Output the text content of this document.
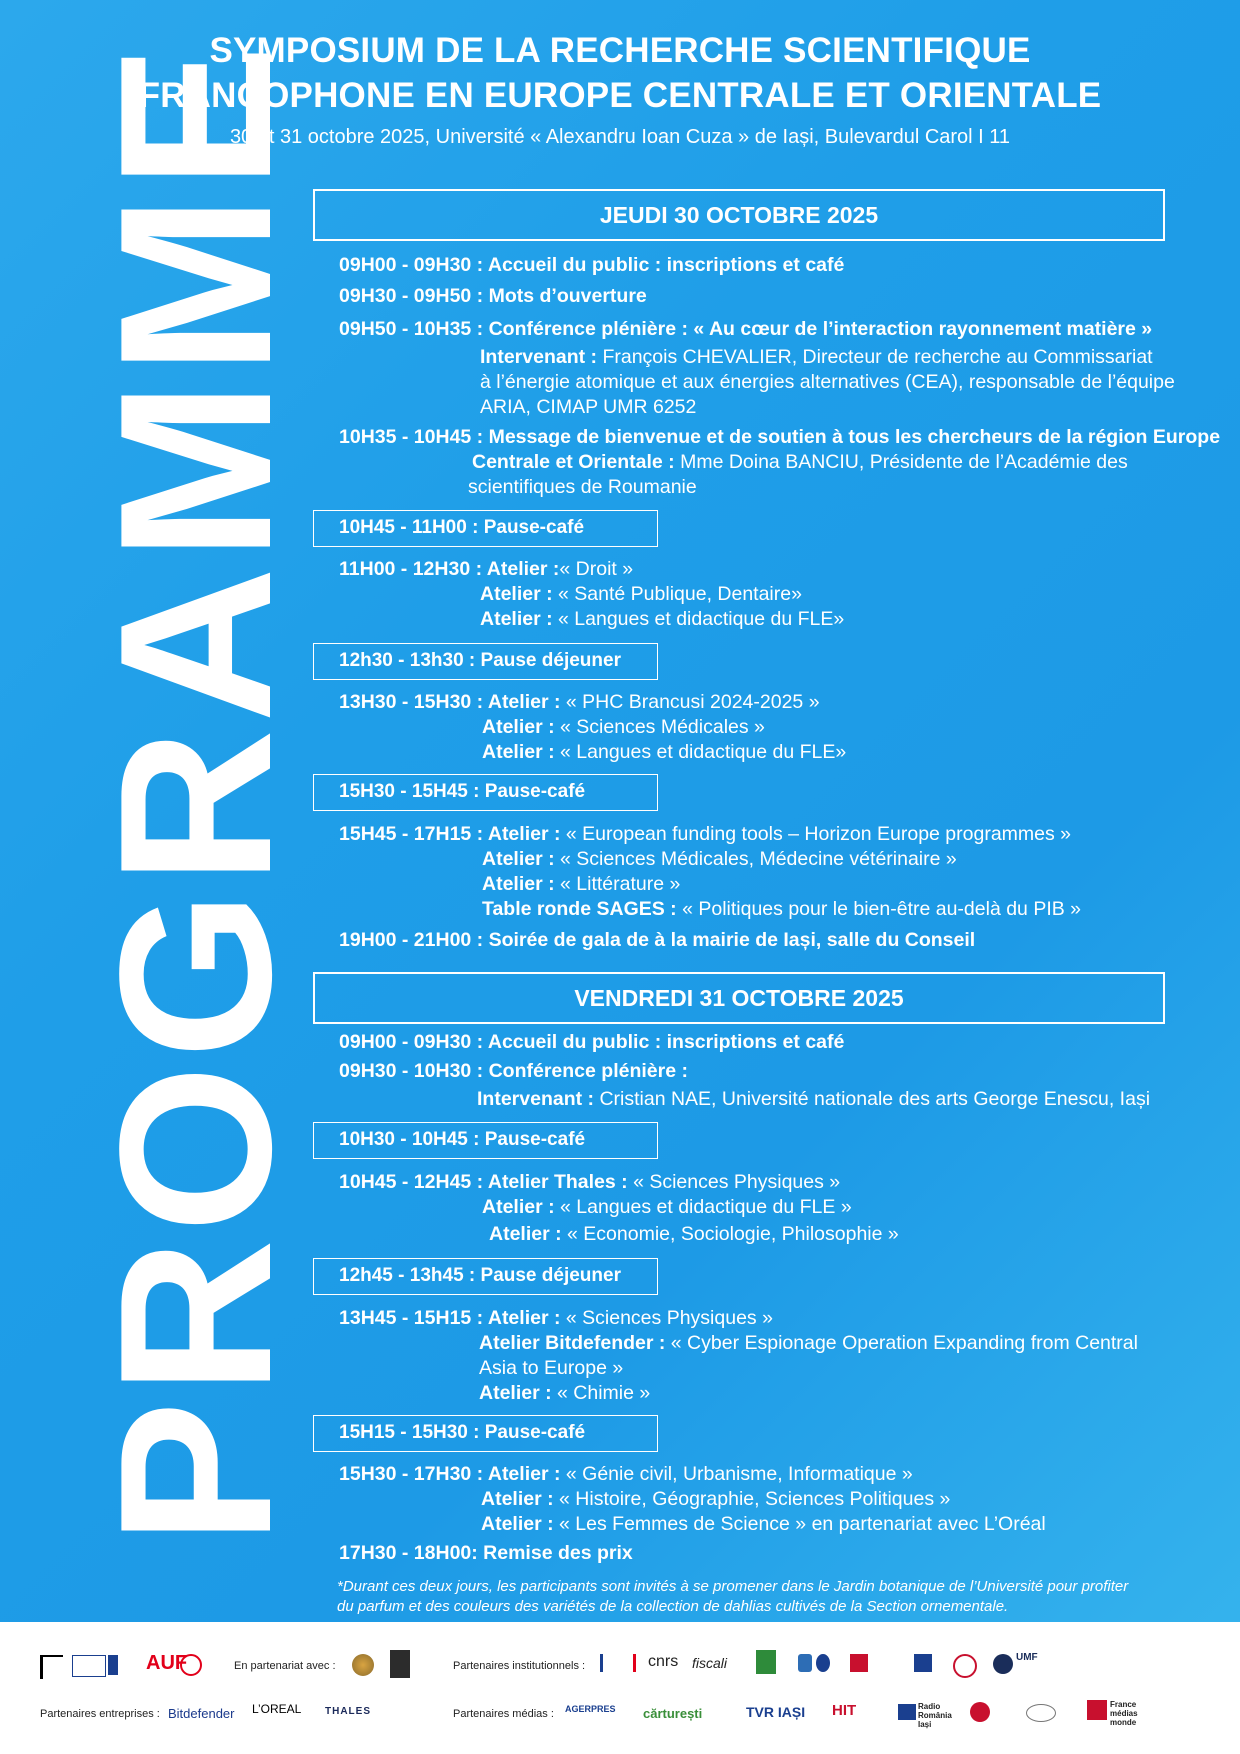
SYMPOSIUM DE LA RECHERCHE SCIENTIFIQUE
FRANCOPHONE EN EUROPE CENTRALE ET ORIENTALE
30 et 31 octobre 2025, Université « Alexandru Ioan Cuza » de Iași, Bulevardul Carol I 11
PROGRAMME	JEUDI 30 OCTOBRE 2025
09H00 - 09H30 : Accueil du public : inscriptions et café
09H30 - 09H50 : Mots d’ouverture
09H50 - 10H35 : Conférence plénière : « Au cœur de l’interaction rayonnement matière »
Intervenant : François CHEVALIER, Directeur de recherche au Commissariat
à l’énergie atomique et aux énergies alternatives (CEA), responsable de l’équipe
ARIA, CIMAP UMR 6252
10H35 - 10H45 : Message de bienvenue et de soutien à tous les chercheurs de la région Europe
Centrale et Orientale : Mme Doina BANCIU, Présidente de l’Académie des
scientifiques de Roumanie
10H45 - 11H00 : Pause-café
11H00 - 12H30 : Atelier :« Droit »
Atelier : « Santé Publique, Dentaire»
Atelier : « Langues et didactique du FLE»
12h30 - 13h30 : Pause déjeuner
13H30 - 15H30 : Atelier : « PHC Brancusi 2024-2025 »
Atelier : « Sciences Médicales »
Atelier : « Langues et didactique du FLE»
15H30 - 15H45 : Pause-café
15H45 - 17H15 : Atelier : « European funding tools – Horizon Europe programmes »
Atelier : « Sciences Médicales, Médecine vétérinaire »
Atelier : « Littérature »
Table ronde SAGES : « Politiques pour le bien-être au-delà du PIB »
19H00 - 21H00 : Soirée de gala de à la mairie de Iași, salle du Conseil
VENDREDI 31 OCTOBRE 2025
09H00 - 09H30 : Accueil du public : inscriptions et café
09H30 - 10H30 : Conférence plénière :
Intervenant : Cristian NAE, Université nationale des arts George Enescu, Iași
10H30 - 10H45 : Pause-café
10H45 - 12H45 : Atelier Thales : « Sciences Physiques »
Atelier : « Langues et didactique du FLE »
Atelier : « Economie, Sociologie, Philosophie »
12h45 - 13h45 : Pause déjeuner
13H45 - 15H15 : Atelier : « Sciences Physiques »
Atelier Bitdefender : « Cyber Espionage Operation Expanding from Central
Asia to Europe »
Atelier : « Chimie »
15H15 - 15H30 : Pause-café
15H30 - 17H30 : Atelier : « Génie civil, Urbanisme, Informatique »
Atelier : « Histoire, Géographie, Sciences Politiques »
Atelier : « Les Femmes de Science » en partenariat avec L’Oréal
17H30 - 18H00: Remise des prix
*Durant ces deux jours, les participants sont invités à se promener dans le Jardin botanique de l’Université pour profiter
du parfum et des couleurs des variétés de la collection de dahlias cultivés de la Section ornementale.
AUF	En partenariat avec :	Partenaires institutionnels :	cnrs fiscali	UMF
Partenaires entreprises : Bitdefender L’OREAL THALES	Partenaires médias : AGERPRES cărturești	TVR IAȘI HIT	Radio România Iași
France médias monde
